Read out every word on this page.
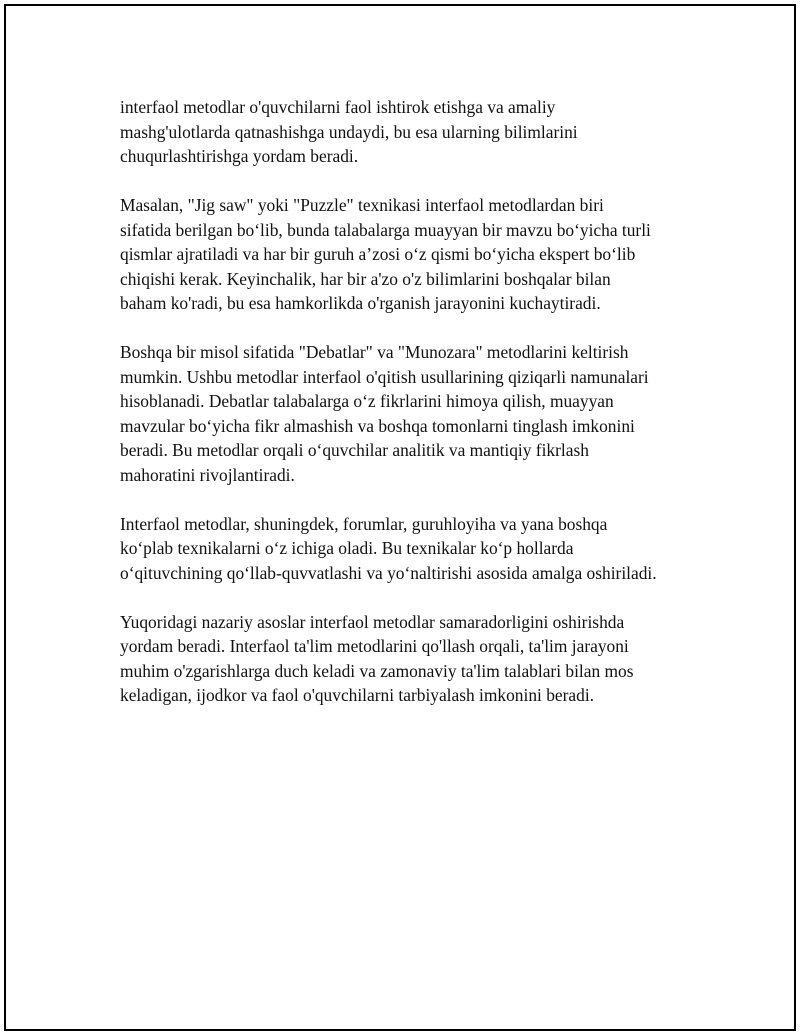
interfaol metodlar o'quvchilarni faol ishtirok etishga va amaliy
mashg'ulotlarda qatnashishga undaydi, bu esa ularning bilimlarini
chuqurlashtirishga yordam beradi.

Masalan, "Jig saw" yoki "Puzzle" texnikasi interfaol metodlardan biri
sifatida berilgan bo‘lib, bunda talabalarga muayyan bir mavzu bo‘yicha turli
qismlar ajratiladi va har bir guruh a’zosi o‘z qismi bo‘yicha ekspert bo‘lib
chiqishi kerak. Keyinchalik, har bir a'zo o'z bilimlarini boshqalar bilan
baham ko'radi, bu esa hamkorlikda o'rganish jarayonini kuchaytiradi.

Boshqa bir misol sifatida "Debatlar" va "Munozara" metodlarini keltirish
mumkin. Ushbu metodlar interfaol o'qitish usullarining qiziqarli namunalari
hisoblanadi. Debatlar talabalarga o‘z fikrlarini himoya qilish, muayyan
mavzular bo‘yicha fikr almashish va boshqa tomonlarni tinglash imkonini
beradi. Bu metodlar orqali o‘quvchilar analitik va mantiqiy fikrlash
mahoratini rivojlantiradi.

Interfaol metodlar, shuningdek, forumlar, guruhloyiha va yana boshqa
ko‘plab texnikalarni o‘z ichiga oladi. Bu texnikalar ko‘p hollarda
o‘qituvchining qo‘llab-quvvatlashi va yo‘naltirishi asosida amalga oshiriladi.

Yuqoridagi nazariy asoslar interfaol metodlar samaradorligini oshirishda
yordam beradi. Interfaol ta'lim metodlarini qo'llash orqali, ta'lim jarayoni
muhim o'zgarishlarga duch keladi va zamonaviy ta'lim talablari bilan mos
keladigan, ijodkor va faol o'quvchilarni tarbiyalash imkonini beradi.
